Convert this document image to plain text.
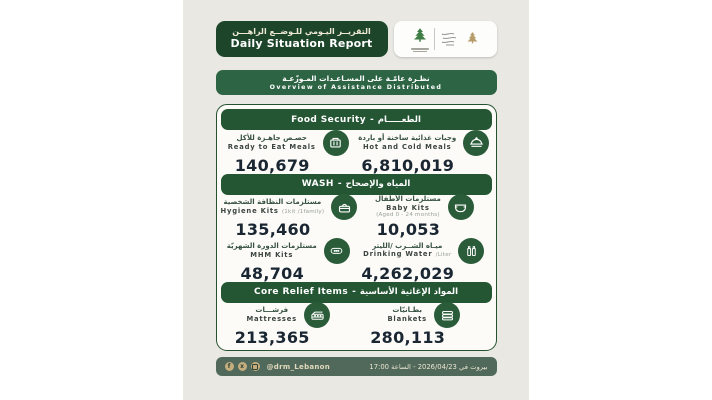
التقريــر اليـومي للـوضــع الراهـــن
Daily Situation Report
نظـرة عامّـة على المسـاعـدات المـوزّعـة
Overview of Assistance Distributed
الطعـــــام
-
Food Security
وجبات غذائية ساخنة أو باردة
Hot and Cold Meals
6,810,019
حصـص جاهـزة للأكل
Ready to Eat Meals
140,679
المياه والإصحاح
-
WASH
مستلزمات الأطفال
Baby Kits
(Aged 0 - 24 months)
10,053
مستلزمات النظافة الشخصية
Hygiene Kits (1kit /1family)
135,460
ميـاه الشــرب /الليتر
Drinking Water /Liter
4,262,029
مستلزمات الدورة الشهريّة
MHM Kits
48,704
المواد الإغاثية الأساسية
-
Core Relief Items
بطـانيّات
Blankets
280,113
فرشـــات
Mattresses
213,365
f	x	@drm_Lebanon	بيروت في 2026/04/23 - الساعة 17:00
